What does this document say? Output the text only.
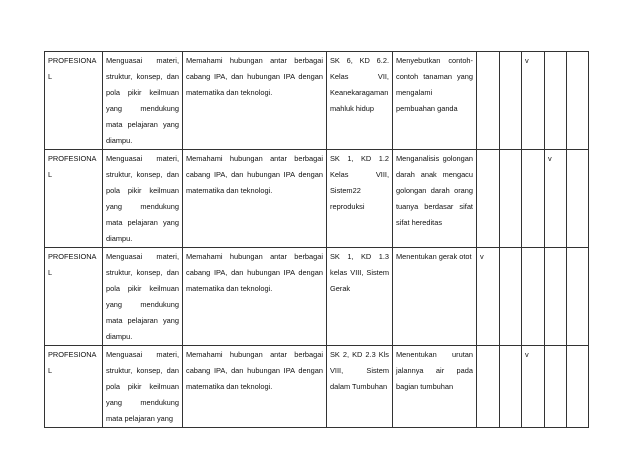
PROFESIONAL	Menguasai materi, struktur, konsep, dan pola pikir keilmuan yang mendukung mata pelajaran yang diampu.	Memahami hubungan antar berbagai cabang IPA, dan hubungan IPA dengan matematika dan teknologi.	SK 6, KD 6.2. Kelas VII, Keanekaragaman mahluk hidup	Menyebutkan contoh-contoh tanaman yang mengalami pembuahan ganda			v		
PROFESIONAL	Menguasai materi, struktur, konsep, dan pola pikir keilmuan yang mendukung mata pelajaran yang diampu.	Memahami hubungan antar berbagai cabang IPA, dan hubungan IPA dengan matematika dan teknologi.	SK 1, KD 1.2 Kelas VIII, Sistem22 reproduksi	Menganalisis golongan darah anak mengacu golongan darah orang tuanya berdasar sifat sifat hereditas				v	
PROFESIONAL	Menguasai materi, struktur, konsep, dan pola pikir keilmuan yang mendukung mata pelajaran yang diampu.	Memahami hubungan antar berbagai cabang IPA, dan hubungan IPA dengan matematika dan teknologi.	SK 1, KD 1.3 kelas VIII, Sistem Gerak	Menentukan gerak otot	v				
PROFESIONAL	Menguasai materi, struktur, konsep, dan pola pikir keilmuan yang mendukung mata pelajaran yang	Memahami hubungan antar berbagai cabang IPA, dan hubungan IPA dengan matematika dan teknologi.	SK 2, KD 2.3 Kls VIII, Sistem dalam Tumbuhan	Menentukan urutan jalannya air pada bagian tumbuhan			v		
